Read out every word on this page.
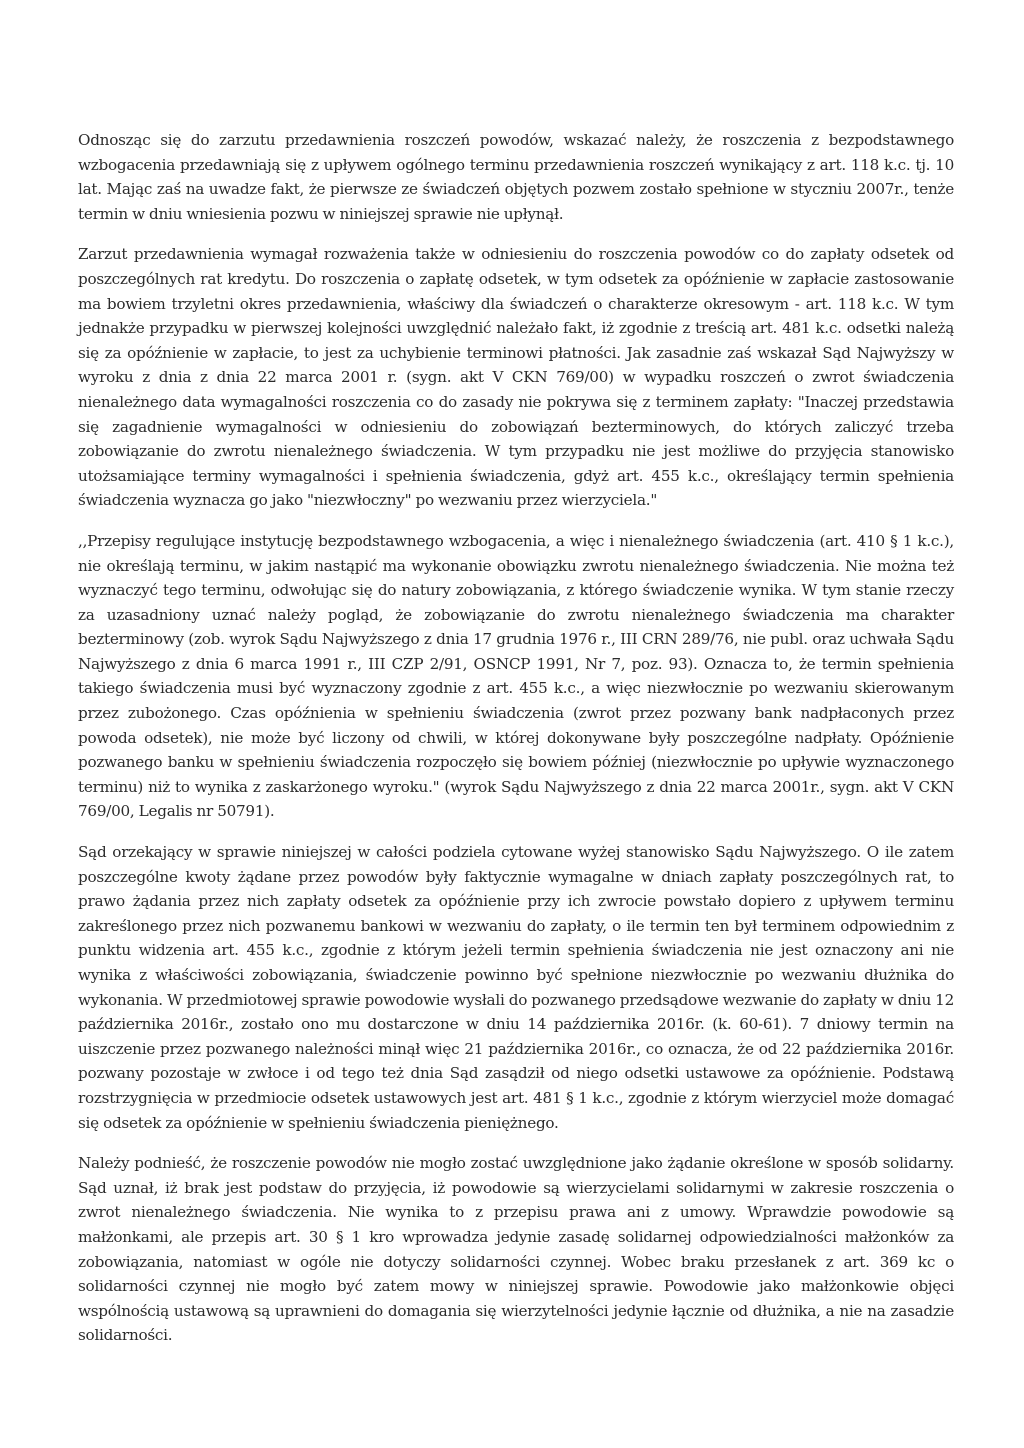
Odnosząc się do zarzutu przedawnienia roszczeń powodów, wskazać należy, że roszczenia z bezpodstawnego wzbogacenia przedawniają się z upływem ogólnego terminu przedawnienia roszczeń wynikający z art. 118 k.c. tj. 10 lat. Mając zaś na uwadze fakt, że pierwsze ze świadczeń objętych pozwem zostało spełnione w styczniu 2007r., tenże termin w dniu wniesienia pozwu w niniejszej sprawie nie upłynął.

Zarzut przedawnienia wymagał rozważenia także w odniesieniu do roszczenia powodów co do zapłaty odsetek od poszczególnych rat kredytu. Do roszczenia o zapłatę odsetek, w tym odsetek za opóźnienie w zapłacie zastosowanie ma bowiem trzyletni okres przedawnienia, właściwy dla świadczeń o charakterze okresowym - art. 118 k.c. W tym jednakże przypadku w pierwszej kolejności uwzględnić należało fakt, iż zgodnie z treścią art. 481 k.c. odsetki należą się za opóźnienie w zapłacie, to jest za uchybienie terminowi płatności. Jak zasadnie zaś wskazał Sąd Najwyższy w wyroku z dnia z dnia 22 marca 2001 r. (sygn. akt V CKN 769/00) w wypadku roszczeń o zwrot świadczenia nienależnego data wymagalności roszczenia co do zasady nie pokrywa się z terminem zapłaty: "Inaczej przedstawia się zagadnienie wymagalności w odniesieniu do zobowiązań bezterminowych, do których zaliczyć trzeba zobowiązanie do zwrotu nienależnego świadczenia. W tym przypadku nie jest możliwe do przyjęcia stanowisko utożsamiające terminy wymagalności i spełnienia świadczenia, gdyż art. 455 k.c., określający termin spełnienia świadczenia wyznacza go jako "niezwłoczny" po wezwaniu przez wierzyciela."

,,Przepisy regulujące instytucję bezpodstawnego wzbogacenia, a więc i nienależnego świadczenia (art. 410 § 1 k.c.), nie określają terminu, w jakim nastąpić ma wykonanie obowiązku zwrotu nienależnego świadczenia. Nie można też wyznaczyć tego terminu, odwołując się do natury zobowiązania, z którego świadczenie wynika. W tym stanie rzeczy za uzasadniony uznać należy pogląd, że zobowiązanie do zwrotu nienależnego świadczenia ma charakter bezterminowy (zob. wyrok Sądu Najwyższego z dnia 17 grudnia 1976 r., III CRN 289/76, nie publ. oraz uchwała Sądu Najwyższego z dnia 6 marca 1991 r., III CZP 2/91, OSNCP 1991, Nr 7, poz. 93). Oznacza to, że termin spełnienia takiego świadczenia musi być wyznaczony zgodnie z art. 455 k.c., a więc niezwłocznie po wezwaniu skierowanym przez zubożonego. Czas opóźnienia w spełnieniu świadczenia (zwrot przez pozwany bank nadpłaconych przez powoda odsetek), nie może być liczony od chwili, w której dokonywane były poszczególne nadpłaty. Opóźnienie pozwanego banku w spełnieniu świadczenia rozpoczęło się bowiem później (niezwłocznie po upływie wyznaczonego terminu) niż to wynika z zaskarżonego wyroku." (wyrok Sądu Najwyższego z dnia 22 marca 2001r., sygn. akt V CKN 769/00, Legalis nr 50791).

Sąd orzekający w sprawie niniejszej w całości podziela cytowane wyżej stanowisko Sądu Najwyższego. O ile zatem poszczególne kwoty żądane przez powodów były faktycznie wymagalne w dniach zapłaty poszczególnych rat, to prawo żądania przez nich zapłaty odsetek za opóźnienie przy ich zwrocie powstało dopiero z upływem terminu zakreślonego przez nich pozwanemu bankowi w wezwaniu do zapłaty, o ile termin ten był terminem odpowiednim z punktu widzenia art. 455 k.c., zgodnie z którym jeżeli termin spełnienia świadczenia nie jest oznaczony ani nie wynika z właściwości zobowiązania, świadczenie powinno być spełnione niezwłocznie po wezwaniu dłużnika do wykonania. W przedmiotowej sprawie powodowie wysłali do pozwanego przedsądowe wezwanie do zapłaty w dniu 12 października 2016r., zostało ono mu dostarczone w dniu 14 października 2016r. (k. 60-61). 7 dniowy termin na uiszczenie przez pozwanego należności minął więc 21 października 2016r., co oznacza, że od 22 października 2016r. pozwany pozostaje w zwłoce i od tego też dnia Sąd zasądził od niego odsetki ustawowe za opóźnienie. Podstawą rozstrzygnięcia w przedmiocie odsetek ustawowych jest art. 481 § 1 k.c., zgodnie z którym wierzyciel może domagać się odsetek za opóźnienie w spełnieniu świadczenia pieniężnego.

Należy podnieść, że roszczenie powodów nie mogło zostać uwzględnione jako żądanie określone w sposób solidarny. Sąd uznał, iż brak jest podstaw do przyjęcia, iż powodowie są wierzycielami solidarnymi w zakresie roszczenia o zwrot nienależnego świadczenia. Nie wynika to z przepisu prawa ani z umowy. Wprawdzie powodowie są małżonkami, ale przepis art. 30 § 1 kro wprowadza jedynie zasadę solidarnej odpowiedzialności małżonków za zobowiązania, natomiast w ogóle nie dotyczy solidarności czynnej. Wobec braku przesłanek z art. 369 kc o solidarności czynnej nie mogło być zatem mowy w niniejszej sprawie. Powodowie jako małżonkowie objęci wspólnością ustawową są uprawnieni do domagania się wierzytelności jedynie łącznie od dłużnika, a nie na zasadzie solidarności.
